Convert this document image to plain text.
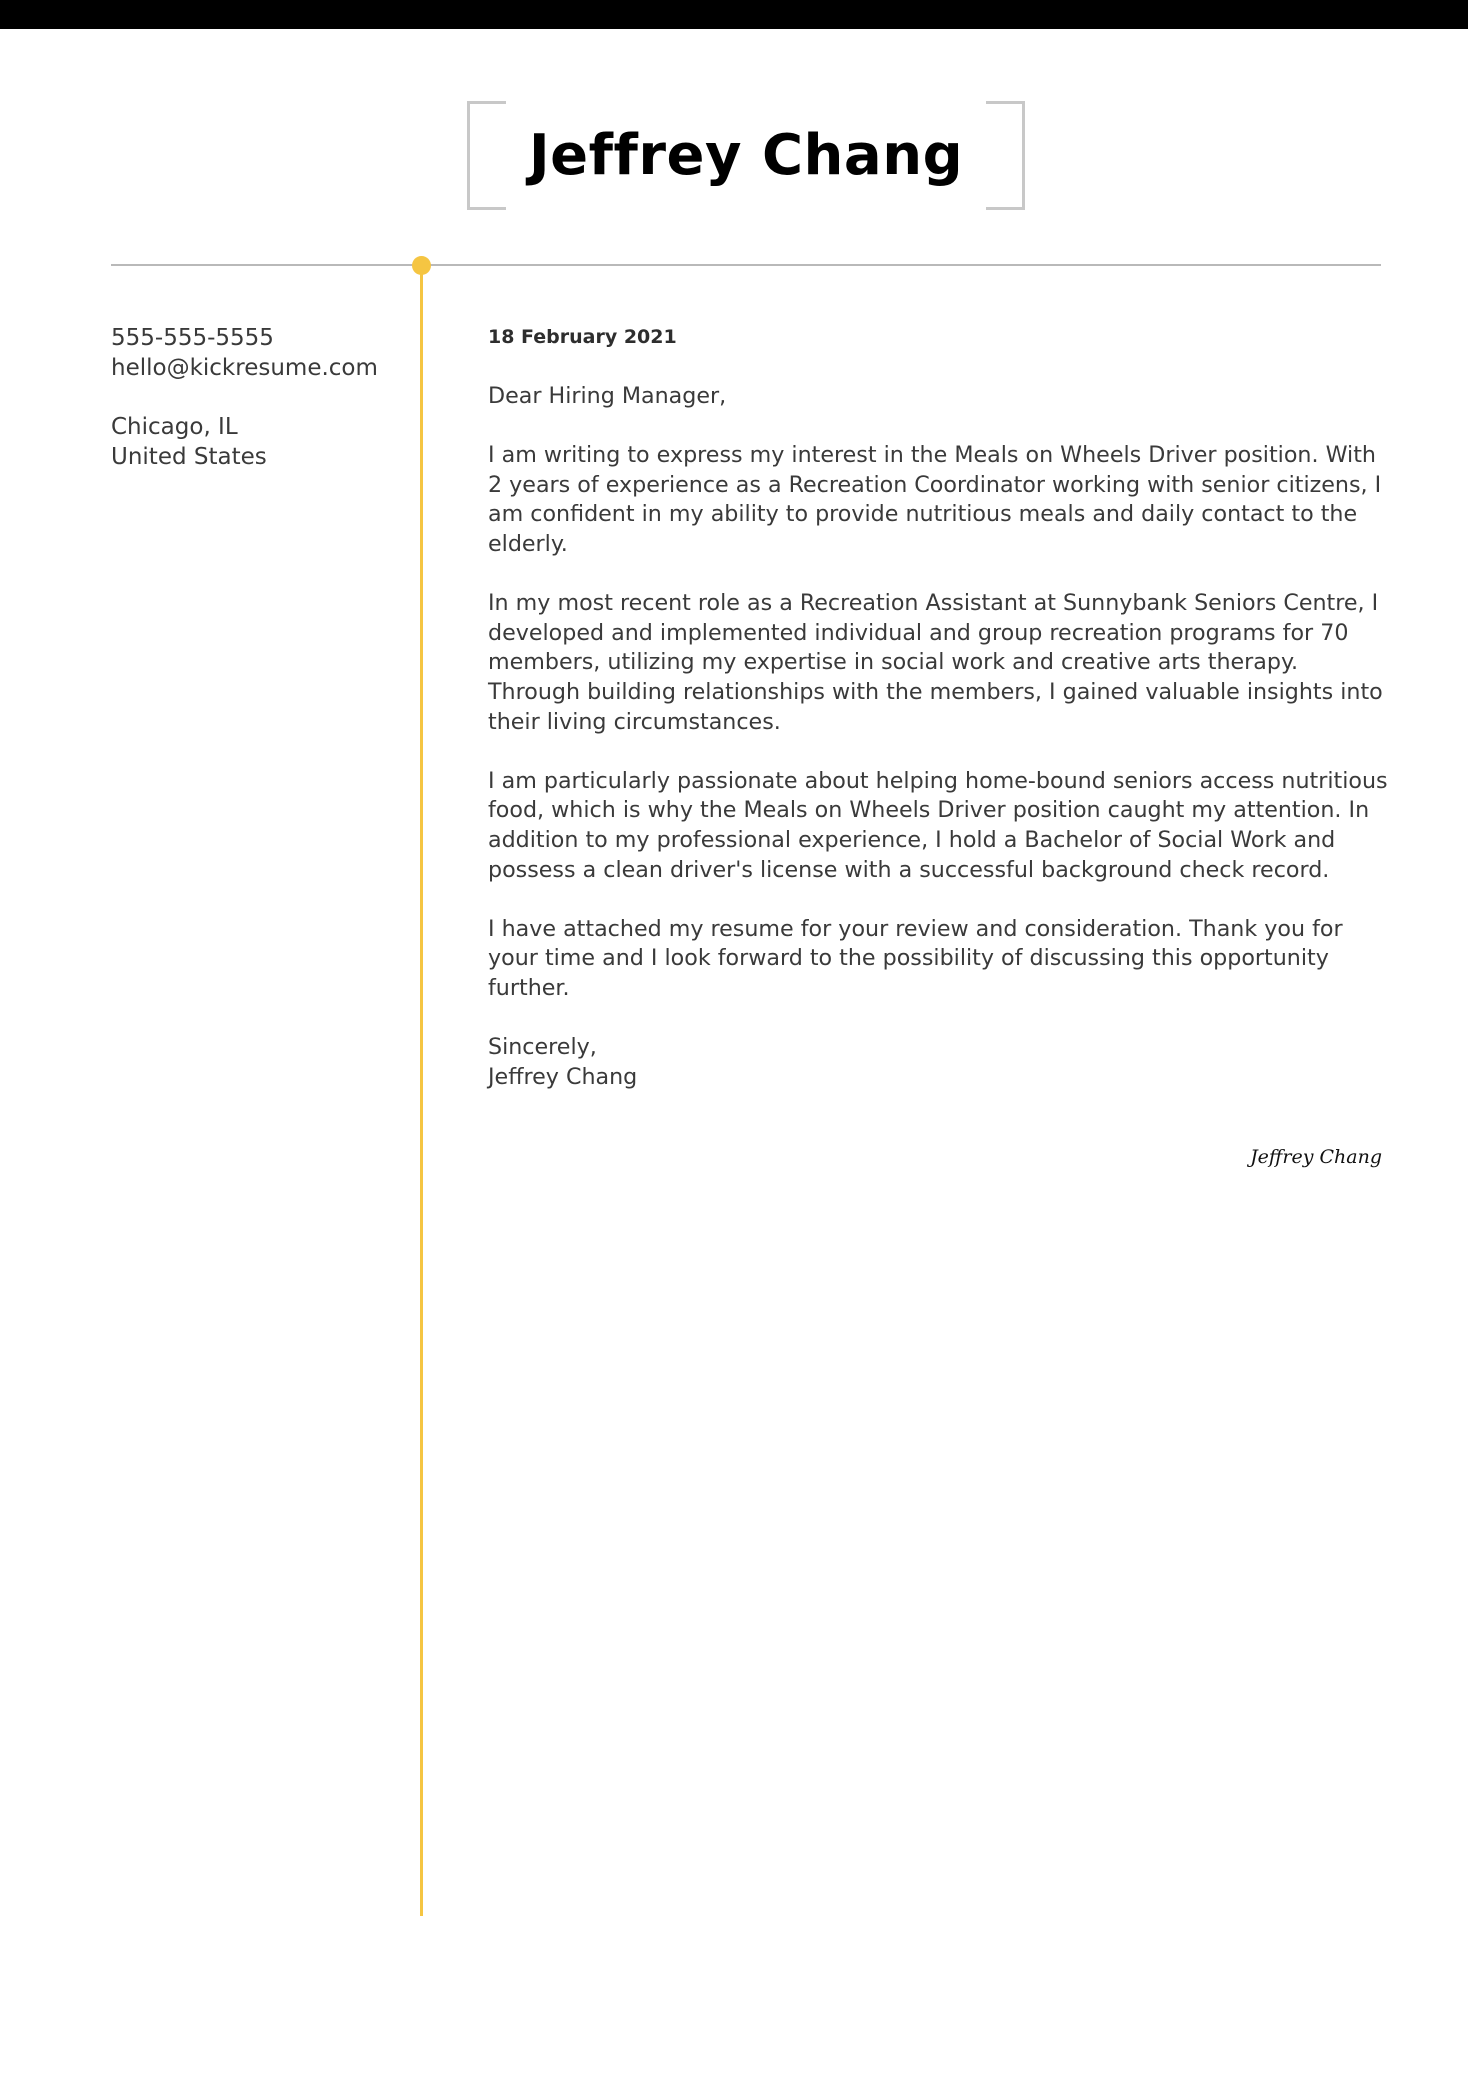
Jeffrey Chang
555-555-5555
hello@kickresume.com
Chicago, IL
United States
18 February 2021
Dear Hiring Manager,
I am writing to express my interest in the Meals on Wheels Driver position. With
2 years of experience as a Recreation Coordinator working with senior citizens, I
am confident in my ability to provide nutritious meals and daily contact to the
elderly.
In my most recent role as a Recreation Assistant at Sunnybank Seniors Centre, I
developed and implemented individual and group recreation programs for 70
members, utilizing my expertise in social work and creative arts therapy.
Through building relationships with the members, I gained valuable insights into
their living circumstances.
I am particularly passionate about helping home-bound seniors access nutritious
food, which is why the Meals on Wheels Driver position caught my attention. In
addition to my professional experience, I hold a Bachelor of Social Work and
possess a clean driver's license with a successful background check record.
I have attached my resume for your review and consideration. Thank you for
your time and I look forward to the possibility of discussing this opportunity
further.
Sincerely,
Jeffrey Chang
Jeffrey Chang
